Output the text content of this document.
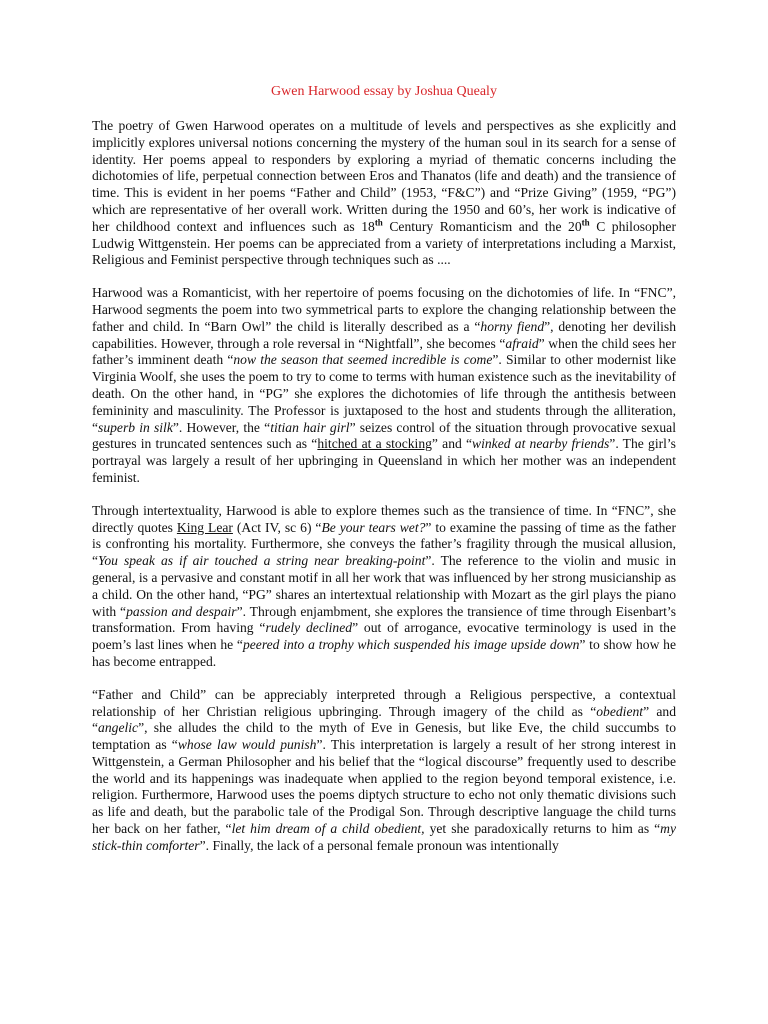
Gwen Harwood essay by Joshua Quealy
The poetry of Gwen Harwood operates on a multitude of levels and perspectives as she explicitly and implicitly explores universal notions concerning the mystery of the human soul in its search for a sense of identity. Her poems appeal to responders by exploring a myriad of thematic concerns including the dichotomies of life, perpetual connection between Eros and Thanatos (life and death) and the transience of time. This is evident in her poems “Father and Child” (1953, “F&C”) and “Prize Giving” (1959, “PG”) which are representative of her overall work. Written during the 1950 and 60’s, her work is indicative of her childhood context and influences such as 18th Century Romanticism and the 20th C philosopher Ludwig Wittgenstein. Her poems can be appreciated from a variety of interpretations including a Marxist, Religious and Feminist perspective through techniques such as ....
Harwood was a Romanticist, with her repertoire of poems focusing on the dichotomies of life. In “FNC”, Harwood segments the poem into two symmetrical parts to explore the changing relationship between the father and child. In “Barn Owl” the child is literally described as a “horny fiend”, denoting her devilish capabilities. However, through a role reversal in “Nightfall”, she becomes “afraid” when the child sees her father’s imminent death “now the season that seemed incredible is come”. Similar to other modernist like Virginia Woolf, she uses the poem to try to come to terms with human existence such as the inevitability of death. On the other hand, in “PG” she explores the dichotomies of life through the antithesis between femininity and masculinity. The Professor is juxtaposed to the host and students through the alliteration, “superb in silk”. However, the “titian hair girl” seizes control of the situation through provocative sexual gestures in truncated sentences such as “hitched at a stocking” and “winked at nearby friends”. The girl’s portrayal was largely a result of her upbringing in Queensland in which her mother was an independent feminist.
Through intertextuality, Harwood is able to explore themes such as the transience of time. In “FNC”, she directly quotes King Lear (Act IV, sc 6) “Be your tears wet?” to examine the passing of time as the father is confronting his mortality. Furthermore, she conveys the father’s fragility through the musical allusion, “You speak as if air touched a string near breaking-point”. The reference to the violin and music in general, is a pervasive and constant motif in all her work that was influenced by her strong musicianship as a child. On the other hand, “PG” shares an intertextual relationship with Mozart as the girl plays the piano with “passion and despair”. Through enjambment, she explores the transience of time through Eisenbart’s transformation. From having “rudely declined” out of arrogance, evocative terminology is used in the poem’s last lines when he “peered into a trophy which suspended his image upside down” to show how he has become entrapped.
“Father and Child” can be appreciably interpreted through a Religious perspective, a contextual relationship of her Christian religious upbringing. Through imagery of the child as “obedient” and “angelic”, she alludes the child to the myth of Eve in Genesis, but like Eve, the child succumbs to temptation as “whose law would punish”. This interpretation is largely a result of her strong interest in Wittgenstein, a German Philosopher and his belief that the “logical discourse” frequently used to describe the world and its happenings was inadequate when applied to the region beyond temporal existence, i.e. religion. Furthermore, Harwood uses the poems diptych structure to echo not only thematic divisions such as life and death, but the parabolic tale of the Prodigal Son. Through descriptive language the child turns her back on her father, “let him dream of a child obedient, yet she paradoxically returns to him as “my stick-thin comforter”. Finally, the lack of a personal female pronoun was intentionally
